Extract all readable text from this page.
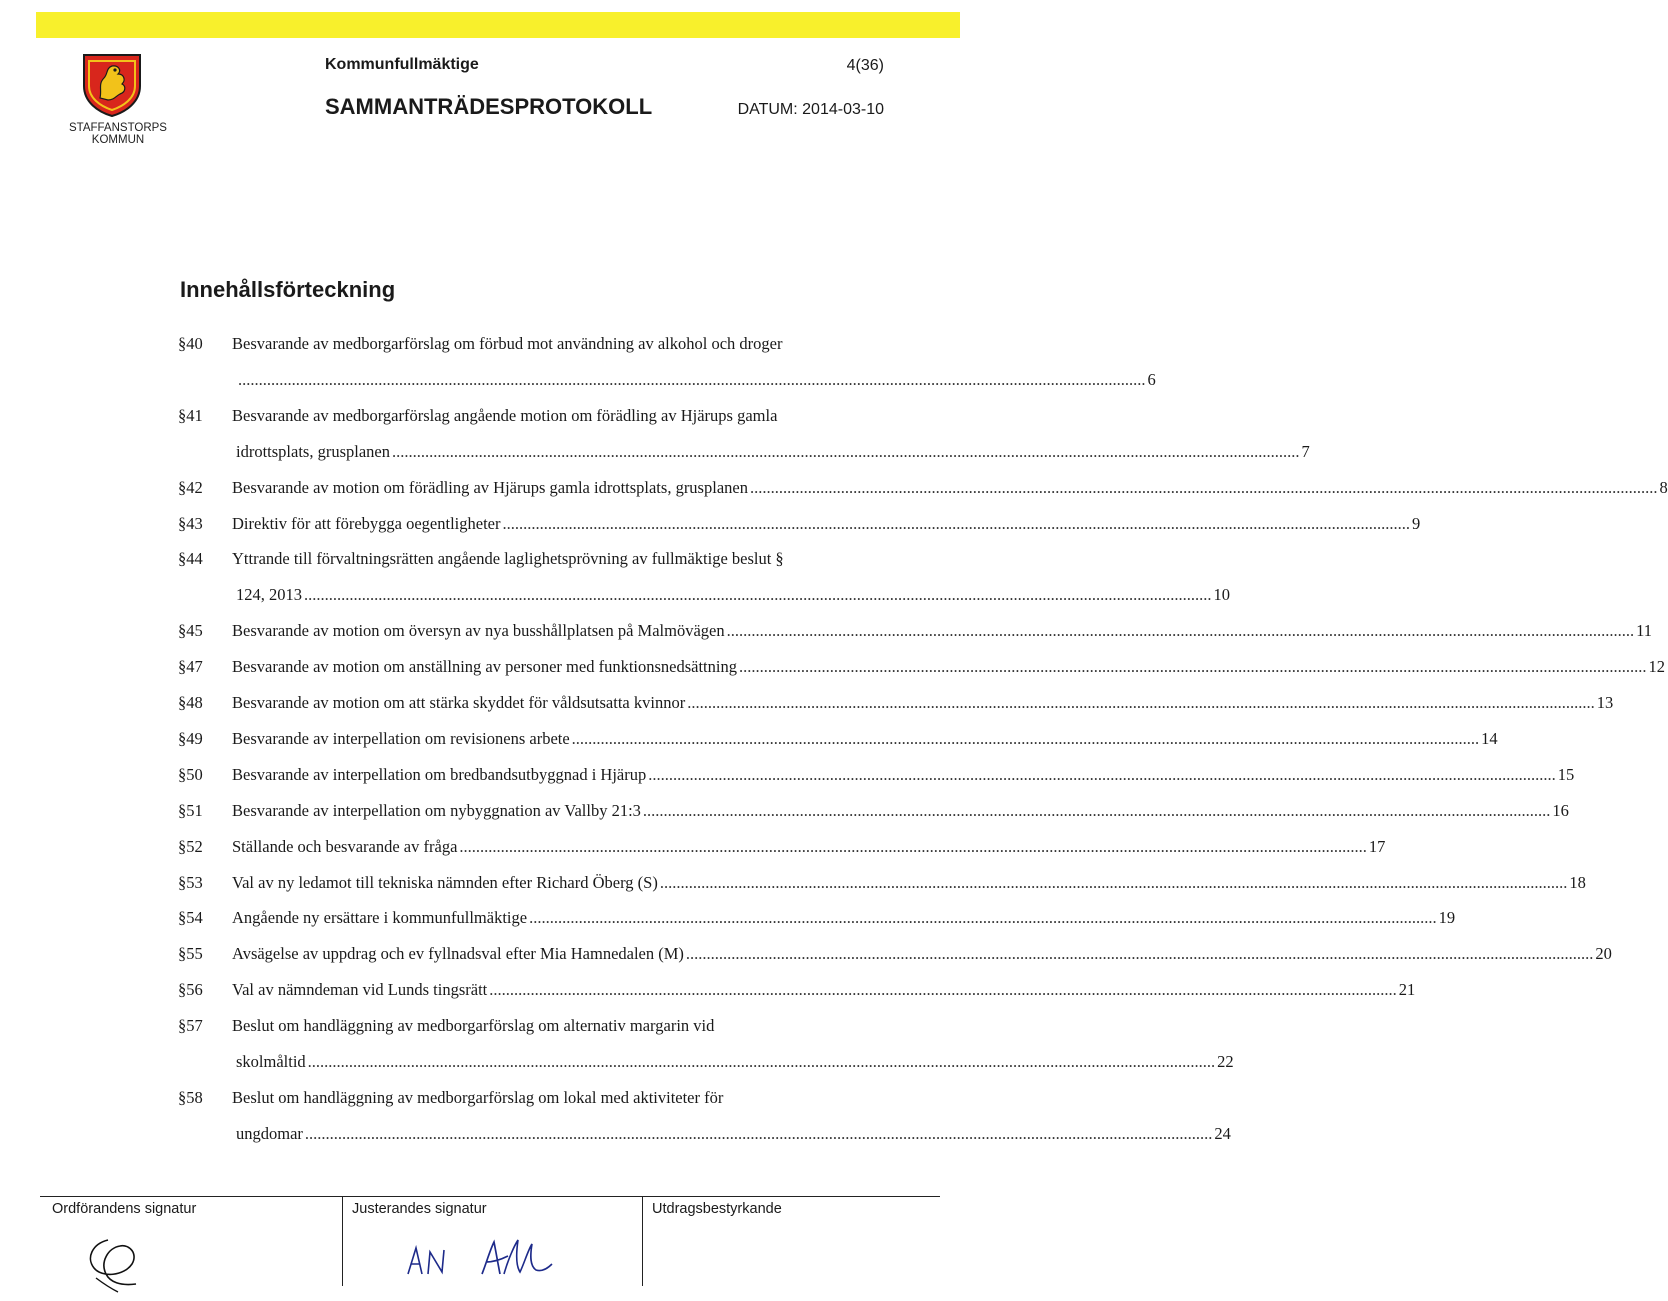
STAFFANSTORPS
KOMMUN
Kommunfullmäktige	4(36)
SAMMANTRÄDESPROTOKOLL	DATUM: 2014-03-10
Innehållsförteckning
§40 Besvarande av medborgarförslag om förbud mot användning av alkohol och droger
............................................................................................................................................................................................................................ 6
§41 Besvarande av medborgarförslag angående motion om förädling av Hjärups gamla
idrottsplats, grusplanen ............................................................................................................................................................................................................................ 7
§42 Besvarande av motion om förädling av Hjärups gamla idrottsplats, grusplanen ............................................................................................................................................................................................................................ 8
§43 Direktiv för att förebygga oegentligheter ............................................................................................................................................................................................................................ 9
§44 Yttrande till förvaltningsrätten angående laglighetsprövning av fullmäktige beslut §
124, 2013 ............................................................................................................................................................................................................................ 10
§45 Besvarande av motion om översyn av nya busshållplatsen på Malmövägen ............................................................................................................................................................................................................................ 11
§47 Besvarande av motion om anställning av personer med funktionsnedsättning ............................................................................................................................................................................................................................ 12
§48 Besvarande av motion om att stärka skyddet för våldsutsatta kvinnor ............................................................................................................................................................................................................................ 13
§49 Besvarande av interpellation om revisionens arbete ............................................................................................................................................................................................................................ 14
§50 Besvarande av interpellation om bredbandsutbyggnad i Hjärup ............................................................................................................................................................................................................................ 15
§51 Besvarande av interpellation om nybyggnation av Vallby 21:3 ............................................................................................................................................................................................................................ 16
§52 Ställande och besvarande av fråga ............................................................................................................................................................................................................................ 17
§53 Val av ny ledamot till tekniska nämnden efter Richard Öberg (S) ............................................................................................................................................................................................................................ 18
§54 Angående ny ersättare i kommunfullmäktige ............................................................................................................................................................................................................................ 19
§55 Avsägelse av uppdrag och ev fyllnadsval efter Mia Hamnedalen (M) ............................................................................................................................................................................................................................ 20
§56 Val av nämndeman vid Lunds tingsrätt ............................................................................................................................................................................................................................ 21
§57 Beslut om handläggning av medborgarförslag om alternativ margarin vid
skolmåltid ............................................................................................................................................................................................................................ 22
§58 Beslut om handläggning av medborgarförslag om lokal med aktiviteter för
ungdomar ............................................................................................................................................................................................................................ 24
Ordförandens signatur	Justerandes signatur	Utdragsbestyrkande
